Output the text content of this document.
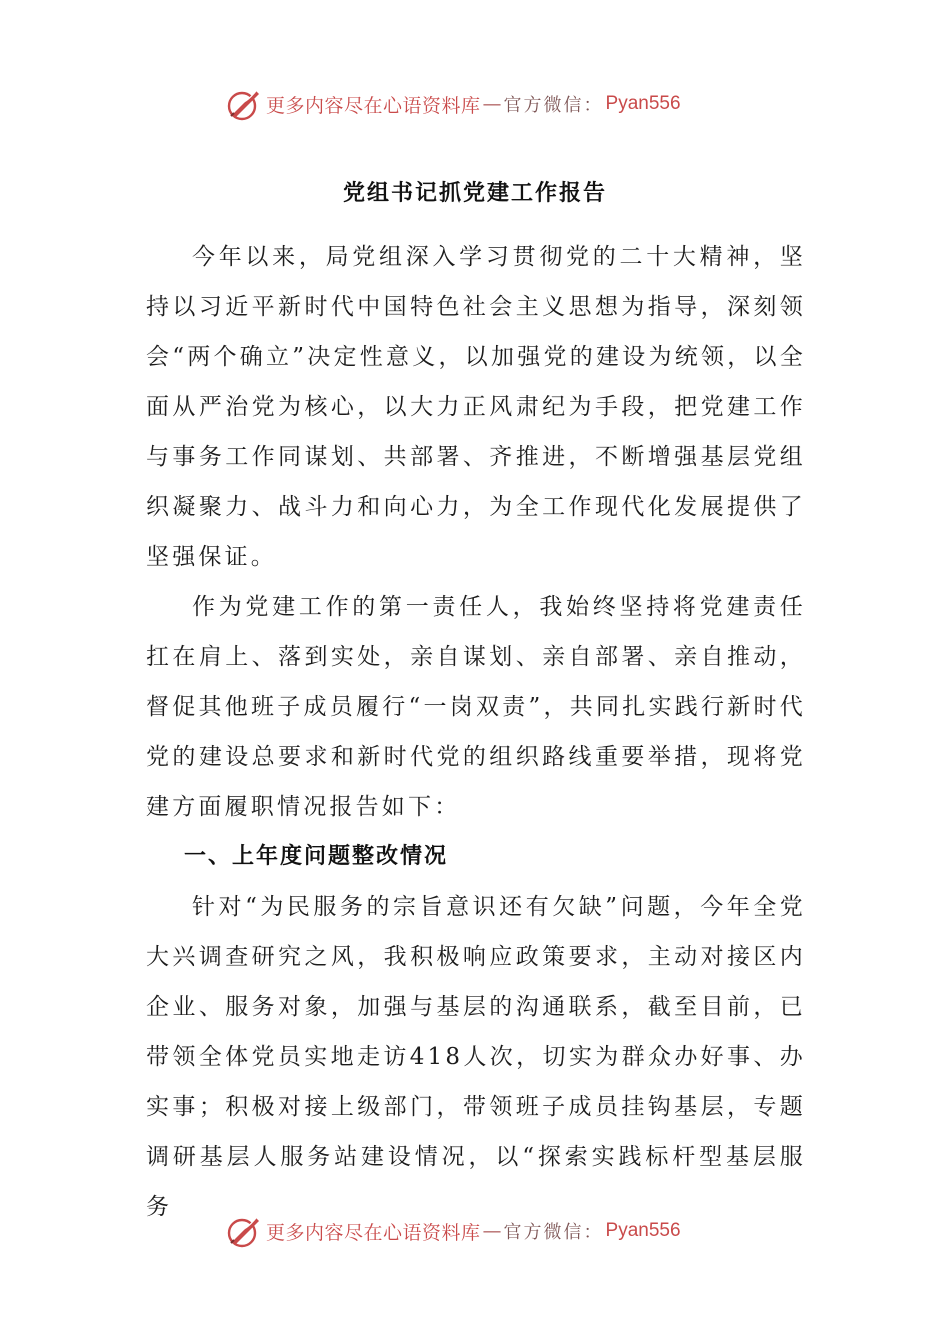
更多内容尽在心语资料库 — 官方微信： Pyan556
党组书记抓党建工作报告

今年以来，局党组深入学习贯彻党的二十大精神，坚持以习近平新时代中国特色社会主义思想为指导，深刻领会“两个确立”决定性意义，以加强党的建设为统领，以全面从严治党为核心，以大力正风肃纪为手段，把党建工作与事务工作同谋划、共部署、齐推进，不断增强基层党组织凝聚力、战斗力和向心力，为全工作现代化发展提供了坚强保证。

作为党建工作的第一责任人，我始终坚持将党建责任扛在肩上、落到实处，亲自谋划、亲自部署、亲自推动，督促其他班子成员履行“一岗双责”，共同扎实践行新时代党的建设总要求和新时代党的组织路线重要举措，现将党建方面履职情况报告如下：

一、上年度问题整改情况

针对“为民服务的宗旨意识还有欠缺”问题，今年全党大兴调查研究之风，我积极响应政策要求，主动对接区内企业、服务对象，加强与基层的沟通联系，截至目前，已带领全体党员实地走访418人次，切实为群众办好事、办实事；积极对接上级部门，带领班子成员挂钩基层，专题调研基层人服务站建设情况，以“探索实践标杆型基层服务

更多内容尽在心语资料库 — 官方微信： Pyan556
